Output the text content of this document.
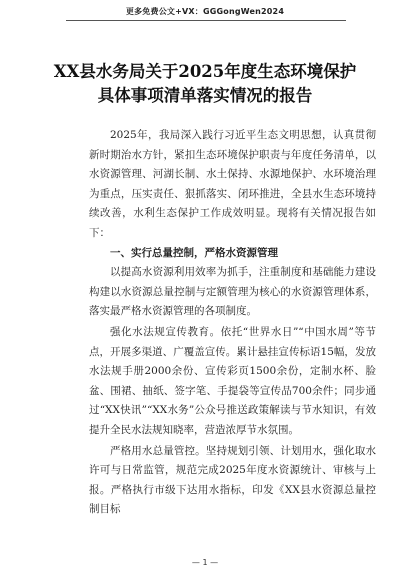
更多免费公文+VX：GGGongWen2024
XX县水务局关于2025年度生态环境保护
具体事项清单落实情况的报告

2025年，我局深入践行习近平生态文明思想，认真贯彻新时期治水方针，紧扣生态环境保护职责与年度任务清单，以水资源管理、河湖长制、水土保持、水源地保护、水环境治理为重点，压实责任、狠抓落实、闭环推进，全县水生态环境持续改善，水利生态保护工作成效明显。现将有关情况报告如下：

一、实行总量控制，严格水资源管理

以提高水资源利用效率为抓手，注重制度和基础能力建设构建以水资源总量控制与定额管理为核心的水资源管理体系，落实最严格水资源管理的各项制度。

强化水法规宣传教育。依托“世界水日”“中国水周”等节点，开展多渠道、广覆盖宣传。累计悬挂宣传标语15幅，发放水法规手册2000余份、宣传彩页1500余份，定制水杯、脸盆、围裙、抽纸、签字笔、手提袋等宣传品700余件；同步通过“XX快讯”“XX水务”公众号推送政策解读与节水知识，有效提升全民水法规知晓率，营造浓厚节水氛围。

严格用水总量管控。坚持规划引领、计划用水，强化取水许可与日常监管，规范完成2025年度水资源统计、审核与上报。严格执行市级下达用水指标，印发《XX县水资源总量控制目标

— 1 —
